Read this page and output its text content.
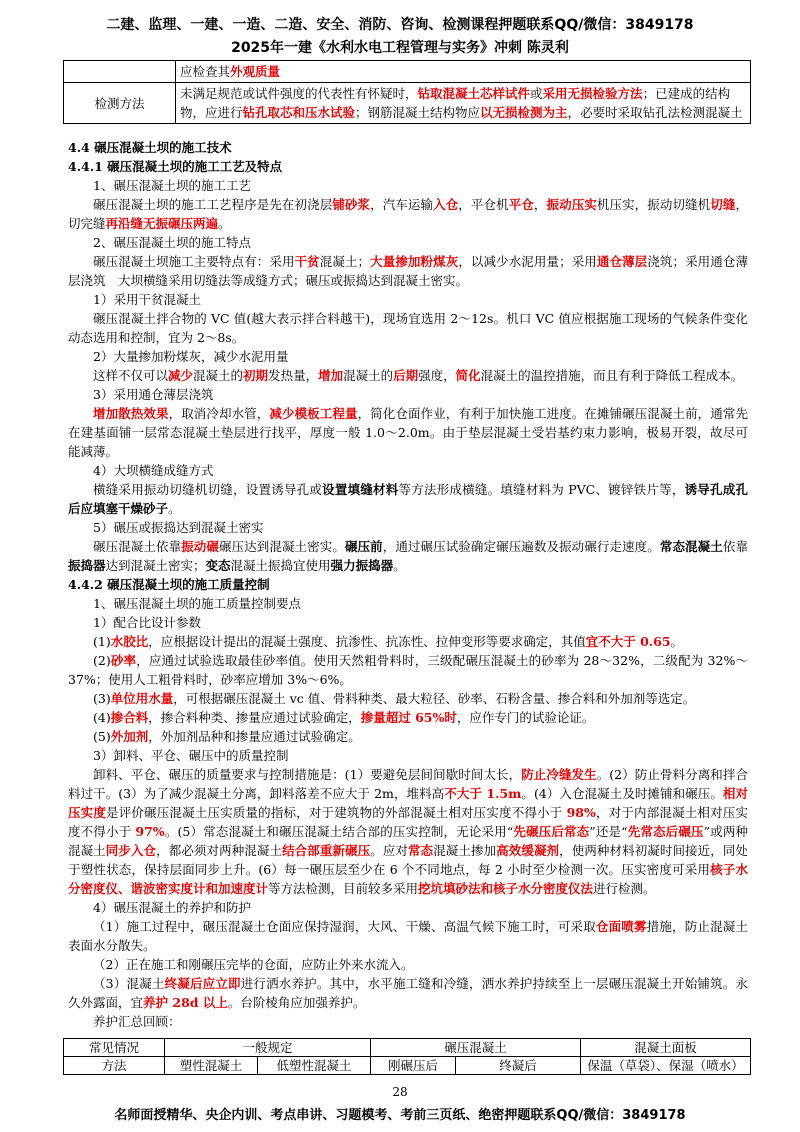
二建、监理、一建、一造、二造、安全、消防、咨询、检测课程押题联系QQ/微信：3849178
2025年一建《水利水电工程管理与实务》冲刺 陈灵利
	应检查其外观质量
检测方法	未满足规范或试件强度的代表性有怀疑时，钻取混凝土芯样试件或采用无损检验方法；已建成的结构物，应进行钻孔取芯和压水试验；钢筋混凝土结构物应以无损检测为主，必要时采取钻孔法检测混凝土

4.4 碾压混凝土坝的施工技术

4.4.1 碾压混凝土坝的施工工艺及特点

1、碾压混凝土坝的施工工艺

碾压混凝土坝的施工工艺程序是先在初浇层铺砂浆，汽车运输入仓，平仓机平仓，振动压实机压实，振动切缝机切缝，切完缝再沿缝无振碾压两遍。

2、碾压混凝土坝的施工特点

碾压混凝土坝施工主要特点有：采用干贫混凝土；大量掺加粉煤灰，以减少水泥用量；采用通仓薄层浇筑；采用通仓薄层浇筑　大坝横缝采用切缝法等成缝方式；碾压或振捣达到混凝土密实。

1）采用干贫混凝土

碾压混凝土拌合物的 VC 值(越大表示拌合料越干)，现场宜选用 2～12s。机口 VC 值应根据施工现场的气候条件变化动态选用和控制，宜为 2～8s。

2）大量掺加粉煤灰，减少水泥用量

这样不仅可以减少混凝土的初期发热量，增加混凝土的后期强度，简化混凝土的温控措施，而且有利于降低工程成本。

3）采用通仓薄层浇筑

增加散热效果，取消冷却水管，减少模板工程量，简化仓面作业，有利于加快施工进度。在摊铺碾压混凝土前，通常先在建基面铺一层常态混凝土垫层进行找平，厚度一般 1.0～2.0m。由于垫层混凝土受岩基约束力影响，极易开裂，故尽可能减薄。

4）大坝横缝成缝方式

横缝采用振动切缝机切缝，设置诱导孔或设置填缝材料等方法形成横缝。填缝材料为 PVC、镀锌铁片等，诱导孔成孔后应填塞干燥砂子。

5）碾压或振捣达到混凝土密实

碾压混凝土依靠振动碾碾压达到混凝土密实。碾压前，通过碾压试验确定碾压遍数及振动碾行走速度。常态混凝土依靠振捣器达到混凝土密实；变态混凝土振捣宜使用强力振捣器。

4.4.2 碾压混凝土坝的施工质量控制

1、碾压混凝土坝的施工质量控制要点

1）配合比设计参数

(1)水胶比，应根据设计提出的混凝土强度、抗渗性、抗冻性、拉伸变形等要求确定，其值宜不大于 0.65。

(2)砂率，应通过试验选取最佳砂率值。使用天然粗骨料时，三级配碾压混凝土的砂率为 28～32%，二级配为 32%～37%；使用人工粗骨料时，砂率应增加 3%～6%。

(3)单位用水量，可根据碾压混凝土 vc 值、骨料种类、最大粒径、砂率、石粉含量、掺合料和外加剂等选定。

(4)掺合料，掺合料种类、掺量应通过试验确定，掺量超过 65%时，应作专门的试验论证。

(5)外加剂，外加剂品种和掺量应通过试验确定。

3）卸料、平仓、碾压中的质量控制

卸料、平仓、碾压的质量要求与控制措施是：(1）要避免层间间歇时间太长，防止冷缝发生。(2）防止骨料分离和拌合料过干。(3）为了减少混凝土分离，卸料落差不应大于 2m，堆料高不大于 1.5m。(4）入仓混凝土及时摊铺和碾压。相对压实度是评价碾压混凝土压实质量的指标，对于建筑物的外部混凝土相对压实度不得小于 98%，对于内部混凝土相对压实度不得小于 97%。(5）常态混凝土和碾压混凝土结合部的压实控制，无论采用“先碾压后常态”还是“先常态后碾压”或两种混凝土同步入仓，都必须对两种混凝土结合部重新碾压。应对常态混凝土掺加高效缓凝剂，使两种材料初凝时间接近，同处于塑性状态，保持层面同步上升。(6）每一碾压层至少在 6 个不同地点，每 2 小时至少检测一次。压实密度可采用核子水分密度仪、谐波密实度计和加速度计等方法检测，目前较多采用挖坑填砂法和核子水分密度仪法进行检测。

4）碾压混凝土的养护和防护

（1）施工过程中，碾压混凝土仓面应保持湿润，大风、干燥、高温气候下施工时，可采取仓面喷雾措施，防止混凝土表面水分散失。

（2）正在施工和刚碾压完毕的仓面，应防止外来水流入。

（3）混凝土终凝后应立即进行洒水养护。其中，水平施工缝和冷缝，洒水养护持续至上一层碾压混凝土开始铺筑。永久外露面，宜养护 28d 以上。台阶棱角应加强养护。

养护汇总回顾：

常见情况	一般规定		碾压混凝土		混凝土面板
方法	塑性混凝土	低塑性混凝土	刚碾压后	终凝后	保温（草袋）、保湿（喷水）
28
名师面授精华、央企内训、考点串讲、习题模考、考前三页纸、绝密押题联系QQ/微信：3849178
